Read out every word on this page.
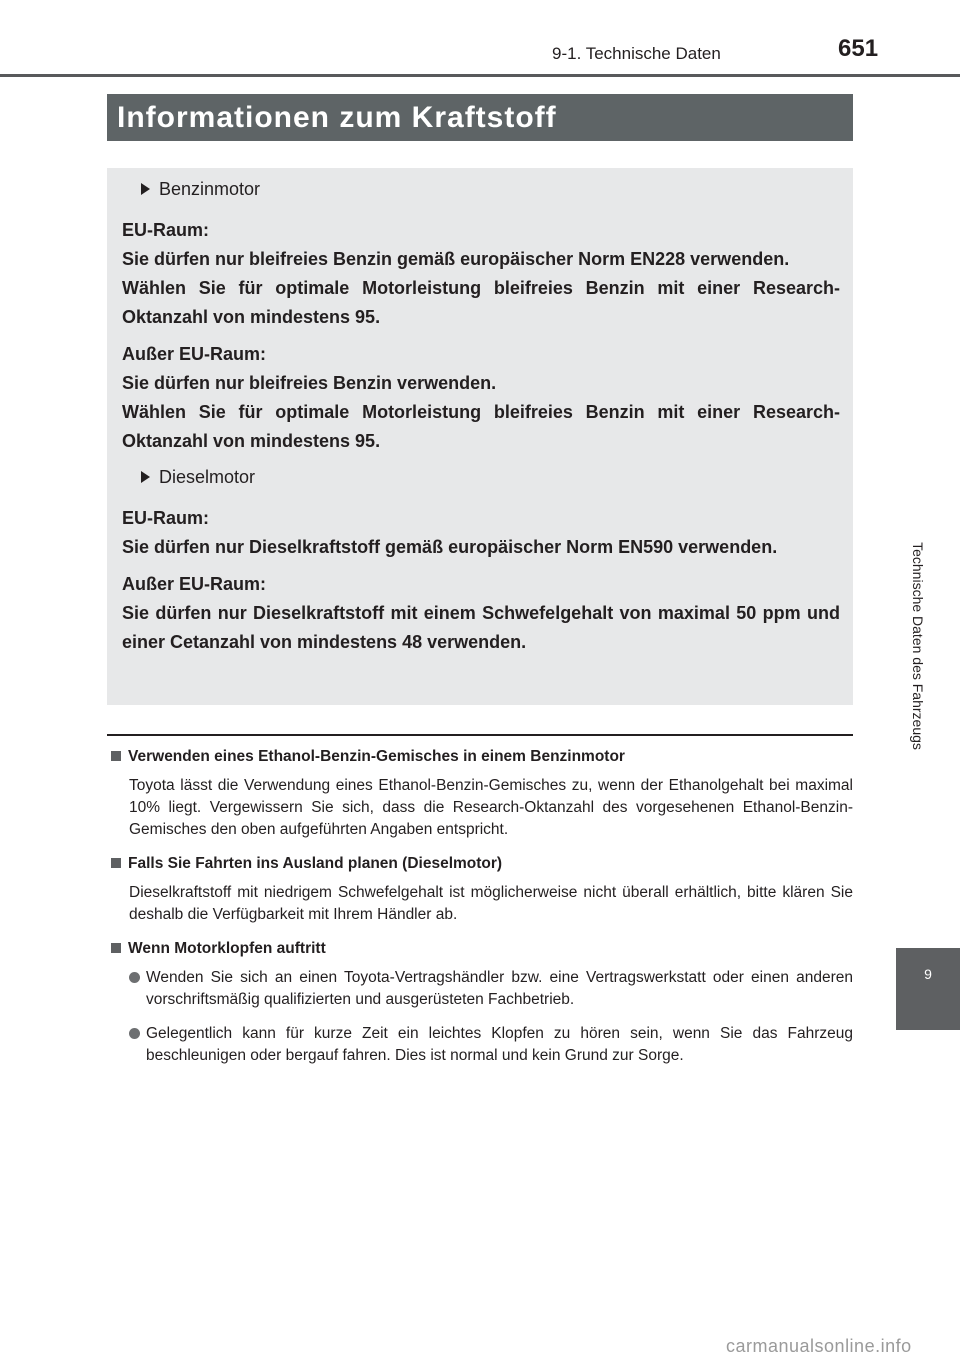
9-1. Technische Daten	651
Technische Daten des Fahrzeugs
9
Informationen zum Kraftstoff
Benzinmotor
EU-Raum:
Sie dürfen nur bleifreies Benzin gemäß europäischer Norm EN228 verwenden.
Wählen Sie für optimale Motorleistung bleifreies Benzin mit einer Research-Oktanzahl von mindestens 95.
Außer EU-Raum:
Sie dürfen nur bleifreies Benzin verwenden.
Wählen Sie für optimale Motorleistung bleifreies Benzin mit einer Research-Oktanzahl von mindestens 95.
Dieselmotor
EU-Raum:
Sie dürfen nur Dieselkraftstoff gemäß europäischer Norm EN590 verwenden.
Außer EU-Raum:
Sie dürfen nur Dieselkraftstoff mit einem Schwefelgehalt von maximal 50 ppm und einer Cetanzahl von mindestens 48 verwenden.
Verwenden eines Ethanol-Benzin-Gemisches in einem Benzinmotor
Toyota lässt die Verwendung eines Ethanol-Benzin-Gemisches zu, wenn der Ethanolgehalt bei maximal 10% liegt. Vergewissern Sie sich, dass die Research-Oktanzahl des vorgesehenen Ethanol-Benzin-Gemisches den oben aufgeführten Angaben entspricht.
Falls Sie Fahrten ins Ausland planen (Dieselmotor)
Dieselkraftstoff mit niedrigem Schwefelgehalt ist möglicherweise nicht überall erhältlich, bitte klären Sie deshalb die Verfügbarkeit mit Ihrem Händler ab.
Wenn Motorklopfen auftritt
Wenden Sie sich an einen Toyota-Vertragshändler bzw. eine Vertragswerkstatt oder einen anderen vorschriftsmäßig qualifizierten und ausgerüsteten Fachbetrieb.
Gelegentlich kann für kurze Zeit ein leichtes Klopfen zu hören sein, wenn Sie das Fahrzeug beschleunigen oder bergauf fahren. Dies ist normal und kein Grund zur Sorge.
carmanualsonline.info
